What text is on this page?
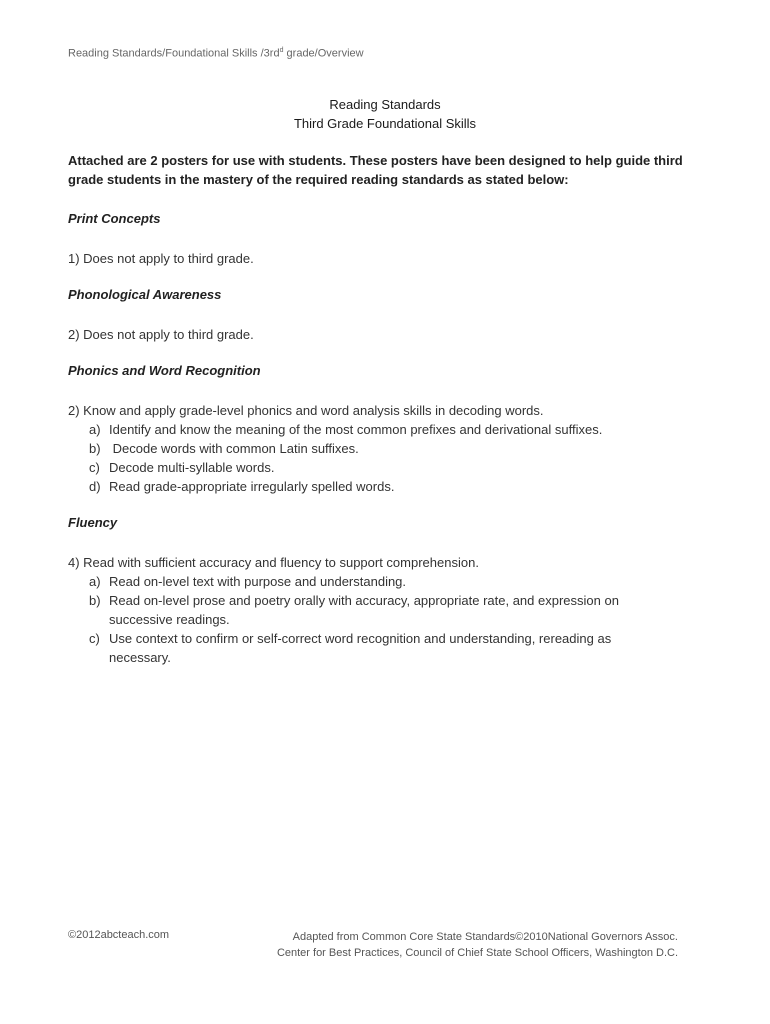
Reading Standards/Foundational Skills $/3rd^d$ grade/Overview
Reading Standards
Third Grade Foundational Skills
Attached are 2 posters for use with students. These posters have been designed to help guide third grade students in the mastery of the required reading standards as stated below:
Print Concepts
1) Does not apply to third grade.
Phonological Awareness
2) Does not apply to third grade.
Phonics and Word Recognition
2) Know and apply grade-level phonics and word analysis skills in decoding words.
a) Identify and know the meaning of the most common prefixes and derivational suffixes.
b) Decode words with common Latin suffixes.
c) Decode multi-syllable words.
d) Read grade-appropriate irregularly spelled words.
Fluency
4) Read with sufficient accuracy and fluency to support comprehension.
a) Read on-level text with purpose and understanding.
b) Read on-level prose and poetry orally with accuracy, appropriate rate, and expression on
successive readings.
c) Use context to confirm or self-correct word recognition and understanding, rereading as
necessary.
©2012abcteach.com	Adapted from Common Core State Standards©2010National Governors Assoc.
Center for Best Practices, Council of Chief State School Officers, Washington D.C.
